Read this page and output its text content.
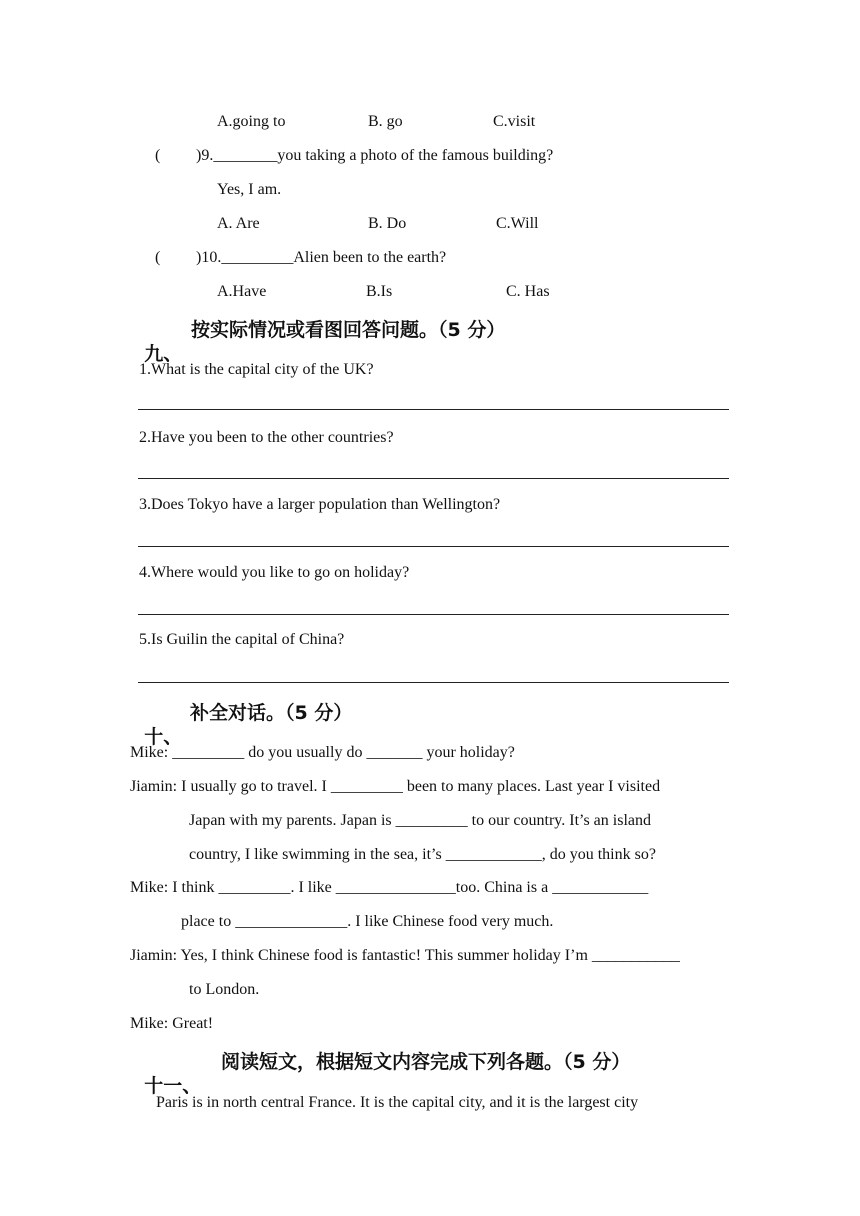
A.going to	B. go	C.visit
( )9.________you taking a photo of the famous building?
Yes, I am.
A. Are	B. Do	C.Will
( )10._________Alien been to the earth?
A.Have	B.Is	C. Has

九、

按实际情况或看图回答问题。（5 分）

1.What is the capital city of the UK?
2.Have you been to the other countries?
3.Does Tokyo have a larger population than Wellington?
4.Where would you like to go on holiday?
5.Is Guilin the capital of China?

十、

补全对话。（5 分）

Mike: _________ do you usually do _______ your holiday?
Jiamin: I usually go to travel. I _________ been to many places. Last year I visited
Japan with my parents. Japan is _________ to our country. It’s an island
country, I like swimming in the sea, it’s ____________, do you think so?
Mike: I think _________. I like _______________too. China is a ____________
place to ______________. I like Chinese food very much.
Jiamin: Yes, I think Chinese food is fantastic! This summer holiday I’m ___________
to London.
Mike: Great!

十一、

阅读短文，根据短文内容完成下列各题。（5 分）

Paris is in north central France. It is the capital city, and it is the largest city
